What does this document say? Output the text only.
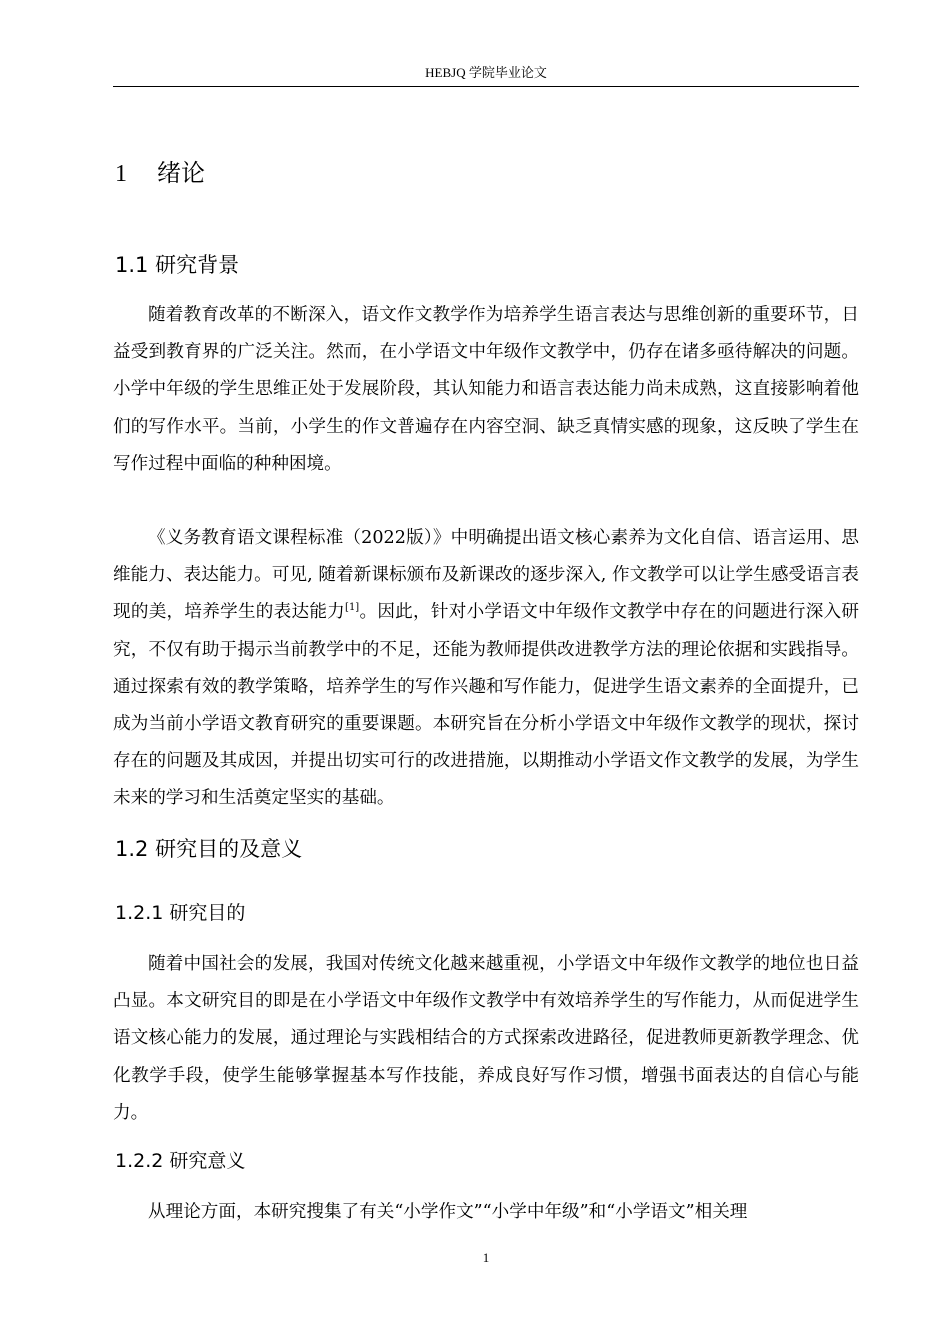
HEBJQ 学院毕业论文
1 绪论
1.1 研究背景

随着教育改革的不断深入，语文作文教学作为培养学生语言表达与思维创新的重要环节，日益受到教育界的广泛关注。然而，在小学语文中年级作文教学中，仍存在诸多亟待解决的问题。小学中年级的学生思维正处于发展阶段，其认知能力和语言表达能力尚未成熟，这直接影响着他们的写作水平。当前，小学生的作文普遍存在内容空洞、缺乏真情实感的现象，这反映了学生在写作过程中面临的种种困境。

《义务教育语文课程标准（2022版）》中明确提出语文核心素养为文化自信、语言运用、思维能力、表达能力。可见, 随着新课标颁布及新课改的逐步深入, 作文教学可以让学生感受语言表现的美，培养学生的表达能力[1]。因此，针对小学语文中年级作文教学中存在的问题进行深入研究，不仅有助于揭示当前教学中的不足，还能为教师提供改进教学方法的理论依据和实践指导。通过探索有效的教学策略，培养学生的写作兴趣和写作能力，促进学生语文素养的全面提升，已成为当前小学语文教育研究的重要课题。本研究旨在分析小学语文中年级作文教学的现状，探讨存在的问题及其成因，并提出切实可行的改进措施，以期推动小学语文作文教学的发展，为学生未来的学习和生活奠定坚实的基础。

1.2 研究目的及意义
1.2.1 研究目的

随着中国社会的发展，我国对传统文化越来越重视，小学语文中年级作文教学的地位也日益凸显。本文研究目的即是在小学语文中年级作文教学中有效培养学生的写作能力，从而促进学生语文核心能力的发展，通过理论与实践相结合的方式探索改进路径，促进教师更新教学理念、优化教学手段，使学生能够掌握基本写作技能，养成良好写作习惯，增强书面表达的自信心与能力。

1.2.2 研究意义

从理论方面，本研究搜集了有关“小学作文”“小学中年级”和“小学语文”相关理

1
